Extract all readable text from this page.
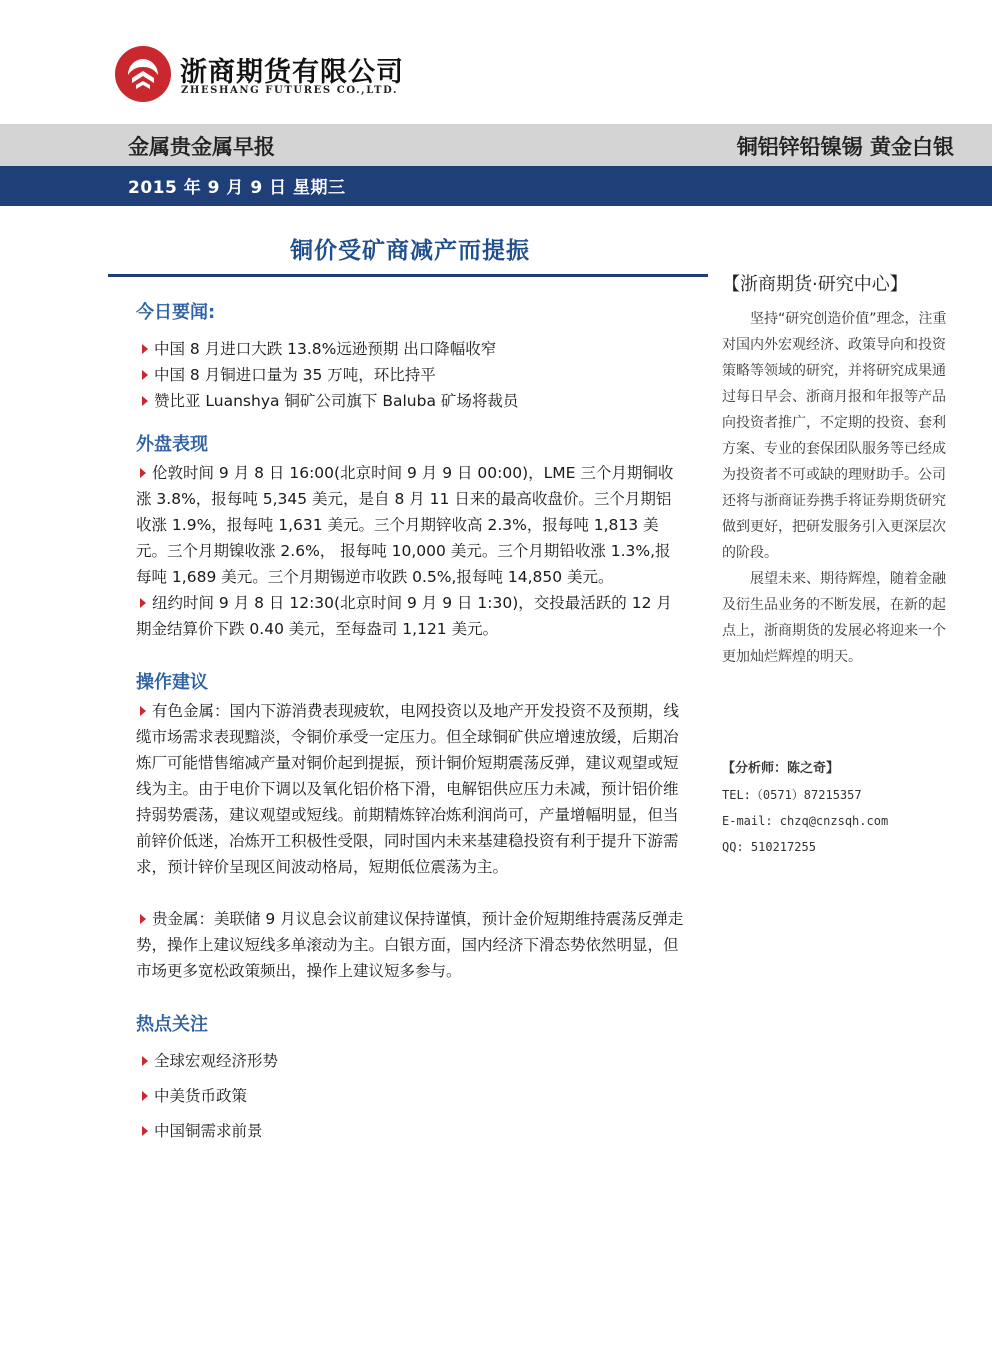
浙商期货有限公司
ZHESHANG FUTURES CO.,LTD.
金属贵金属早报	铜铝锌铅镍锡 黄金白银
2015 年 9 月 9 日 星期三
铜价受矿商减产而提振
今日要闻:
中国 8 月进口大跌 13.8%远逊预期 出口降幅收窄
中国 8 月铜进口量为 35 万吨，环比持平
赞比亚 Luanshya 铜矿公司旗下 Baluba 矿场将裁员
外盘表现

伦敦时间 9 月 8 日 16:00(北京时间 9 月 9 日 00:00)，LME 三个月期铜收涨 3.8%，报每吨 5,345 美元，是自 8 月 11 日来的最高收盘价。三个月期铝收涨 1.9%，报每吨 1,631 美元。三个月期锌收高 2.3%，报每吨 1,813 美元。三个月期镍收涨 2.6%， 报每吨 10,000 美元。三个月期铅收涨 1.3%,报每吨 1,689 美元。三个月期锡逆市收跌 0.5%,报每吨 14,850 美元。

纽约时间 9 月 8 日 12:30(北京时间 9 月 9 日 1:30)，交投最活跃的 12 月期金结算价下跌 0.40 美元，至每盎司 1,121 美元。

操作建议

有色金属：国内下游消费表现疲软，电网投资以及地产开发投资不及预期，线缆市场需求表现黯淡，令铜价承受一定压力。但全球铜矿供应增速放缓，后期冶炼厂可能惜售缩减产量对铜价起到提振，预计铜价短期震荡反弹，建议观望或短线为主。由于电价下调以及氧化铝价格下滑，电解铝供应压力未减，预计铝价维持弱势震荡，建议观望或短线。前期精炼锌冶炼利润尚可，产量增幅明显，但当前锌价低迷，冶炼开工积极性受限，同时国内未来基建稳投资有利于提升下游需求，预计锌价呈现区间波动格局，短期低位震荡为主。

贵金属：美联储 9 月议息会议前建议保持谨慎，预计金价短期维持震荡反弹走势，操作上建议短线多单滚动为主。白银方面，国内经济下滑态势依然明显，但市场更多宽松政策频出，操作上建议短多参与。

热点关注
全球宏观经济形势
中美货币政策
中国铜需求前景
【浙商期货·研究中心】

坚持“研究创造价值”理念，注重对国内外宏观经济、政策导向和投资策略等领域的研究，并将研究成果通过每日早会、浙商月报和年报等产品向投资者推广，不定期的投资、套利方案、专业的套保团队服务等已经成为投资者不可或缺的理财助手。公司还将与浙商证券携手将证券期货研究做到更好，把研发服务引入更深层次的阶段。

展望未来、期待辉煌，随着金融及衍生品业务的不断发展，在新的起点上，浙商期货的发展必将迎来一个更加灿烂辉煌的明天。

【分析师：陈之奇】
TEL:（0571）87215357
E-mail: chzq@cnzsqh.com
QQ: 510217255
